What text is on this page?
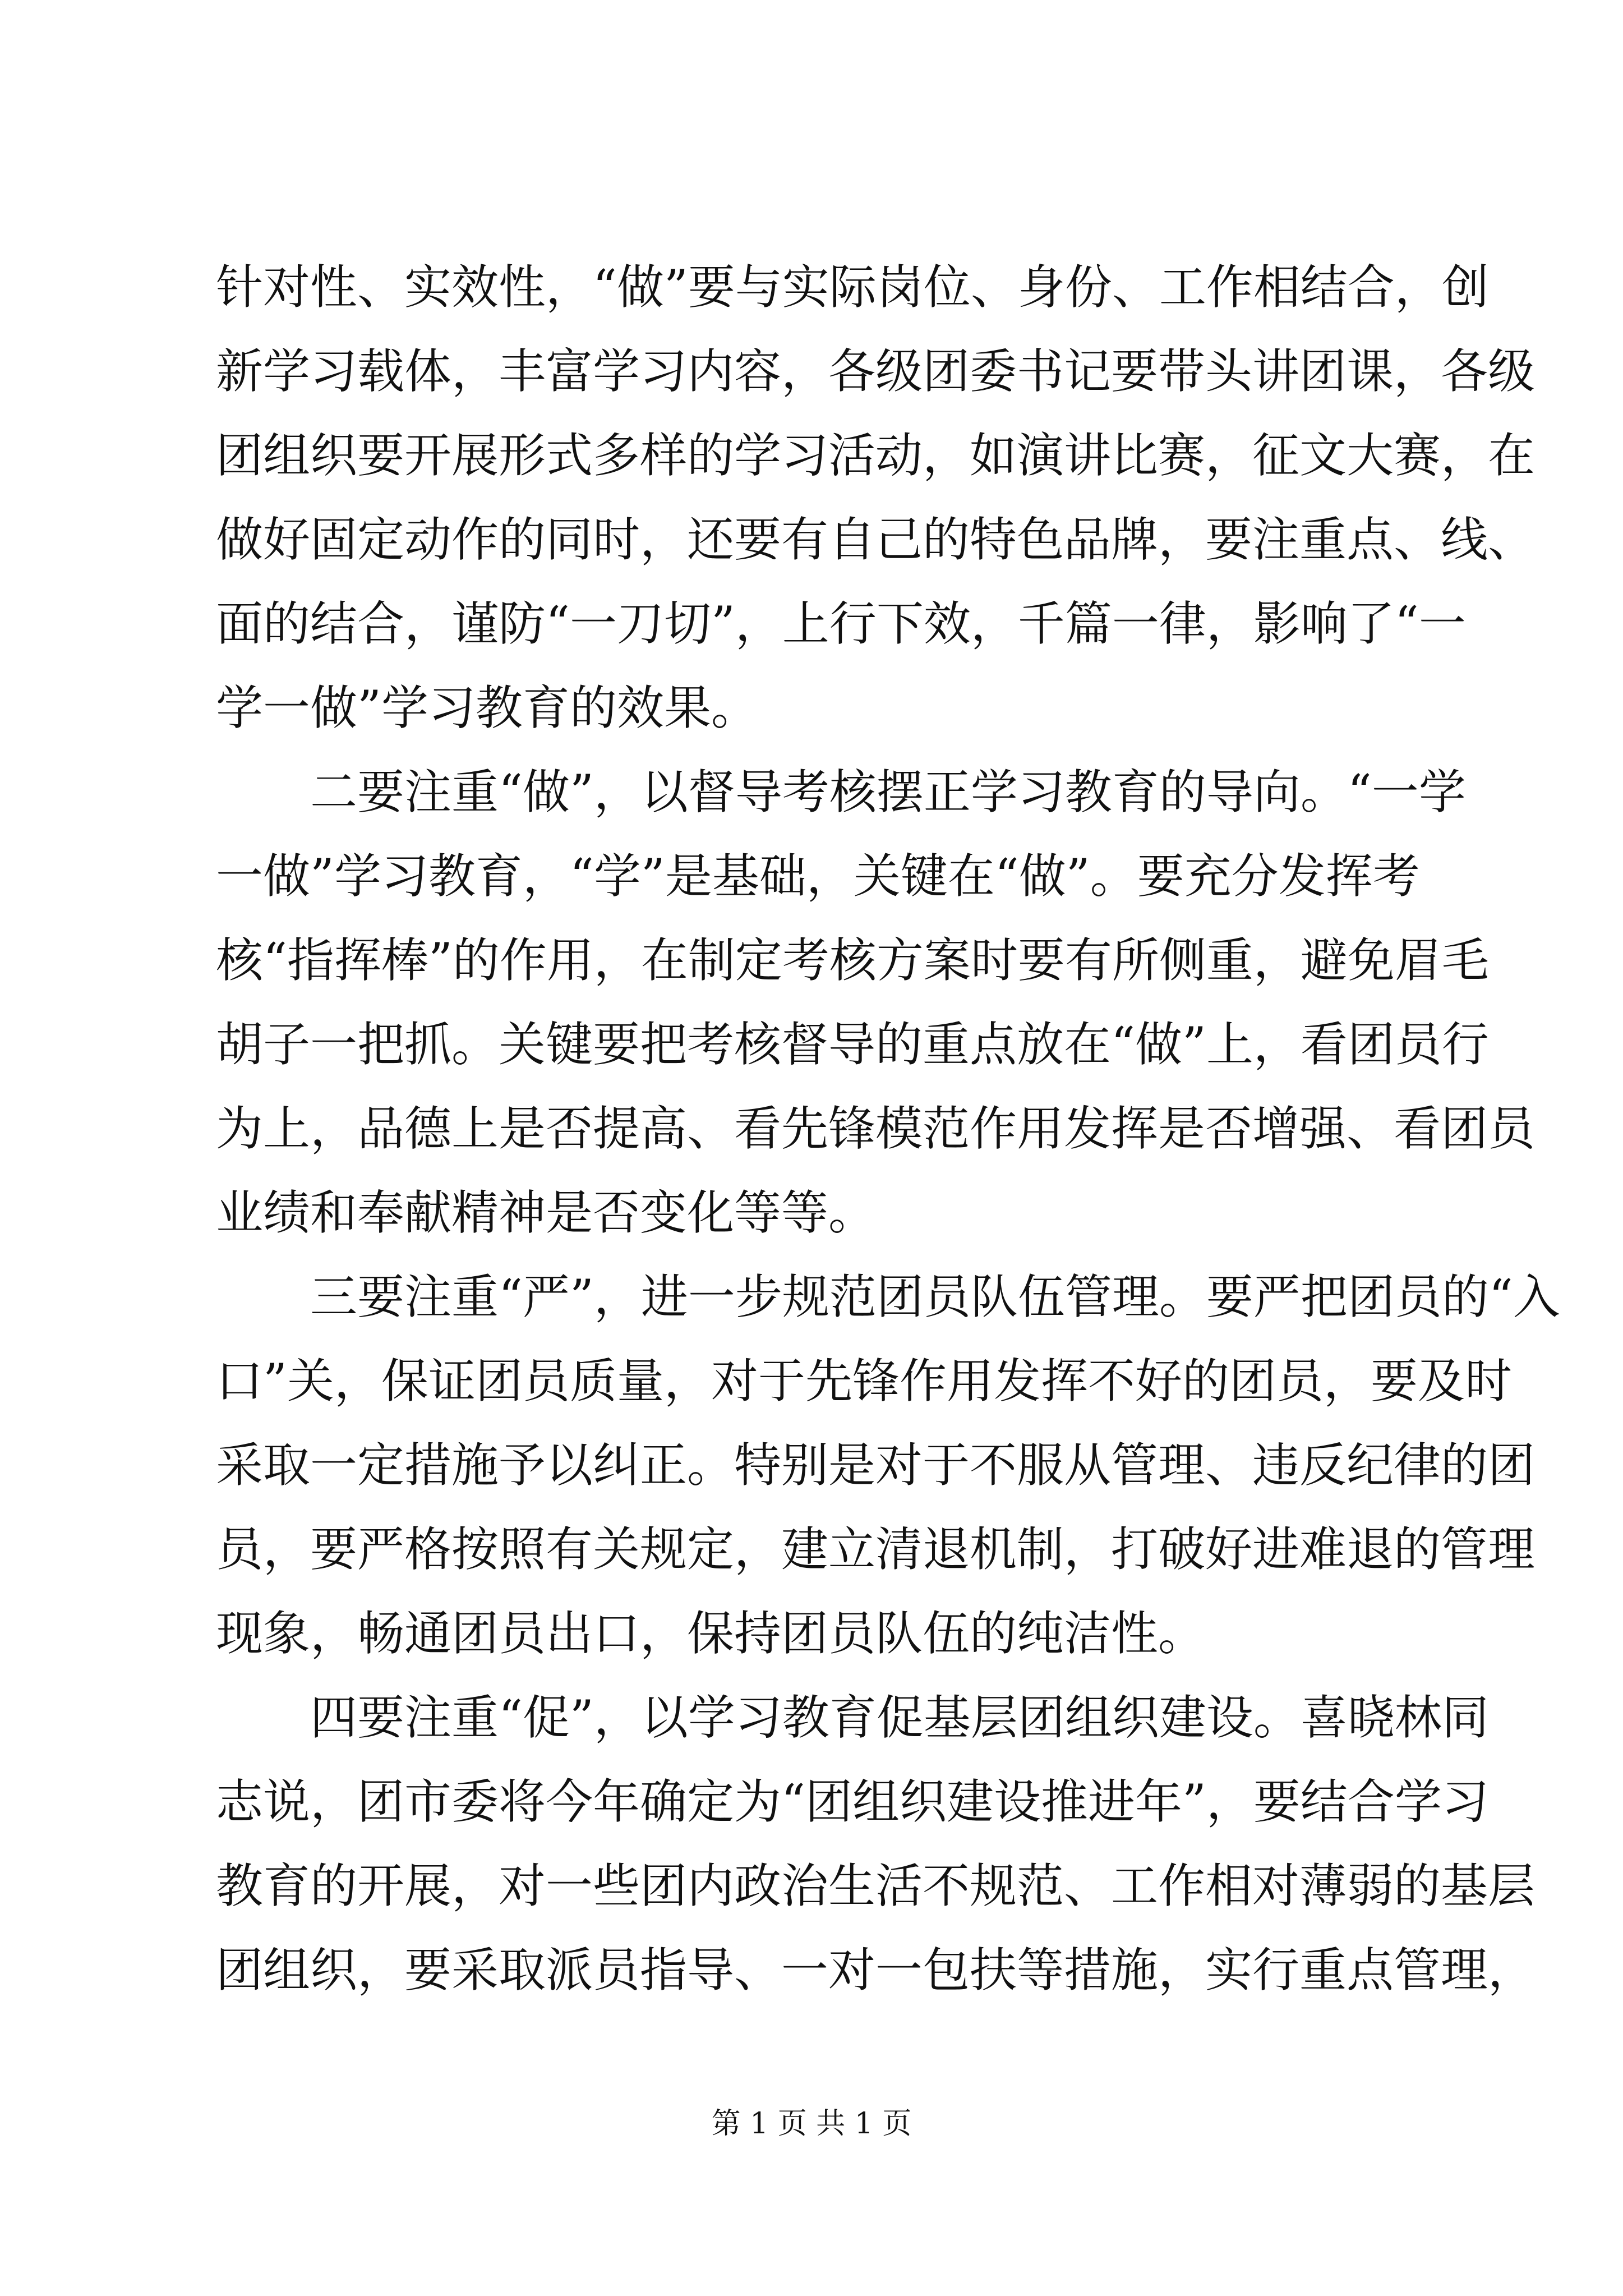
针对性、实效性，“做”要与实际岗位、身份、工作相结合，创
新学习载体，丰富学习内容，各级团委书记要带头讲团课，各级
团组织要开展形式多样的学习活动，如演讲比赛，征文大赛，在
做好固定动作的同时，还要有自己的特色品牌，要注重点、线、
面的结合，谨防“一刀切”，上行下效，千篇一律，影响了“一
学一做”学习教育的效果。
二要注重“做”，以督导考核摆正学习教育的导向。“一学
一做”学习教育，“学”是基础，关键在“做”。要充分发挥考
核“指挥棒”的作用，在制定考核方案时要有所侧重，避免眉毛
胡子一把抓。关键要把考核督导的重点放在“做”上，看团员行
为上，品德上是否提高、看先锋模范作用发挥是否增强、看团员
业绩和奉献精神是否变化等等。
三要注重“严”，进一步规范团员队伍管理。要严把团员的“入
口”关，保证团员质量，对于先锋作用发挥不好的团员，要及时
采取一定措施予以纠正。特别是对于不服从管理、违反纪律的团
员，要严格按照有关规定，建立清退机制，打破好进难退的管理
现象，畅通团员出口，保持团员队伍的纯洁性。
四要注重“促”，以学习教育促基层团组织建设。喜晓林同
志说，团市委将今年确定为“团组织建设推进年”，要结合学习
教育的开展，对一些团内政治生活不规范、工作相对薄弱的基层
团组织，要采取派员指导、一对一包扶等措施，实行重点管理，
第 1 页 共 1 页
